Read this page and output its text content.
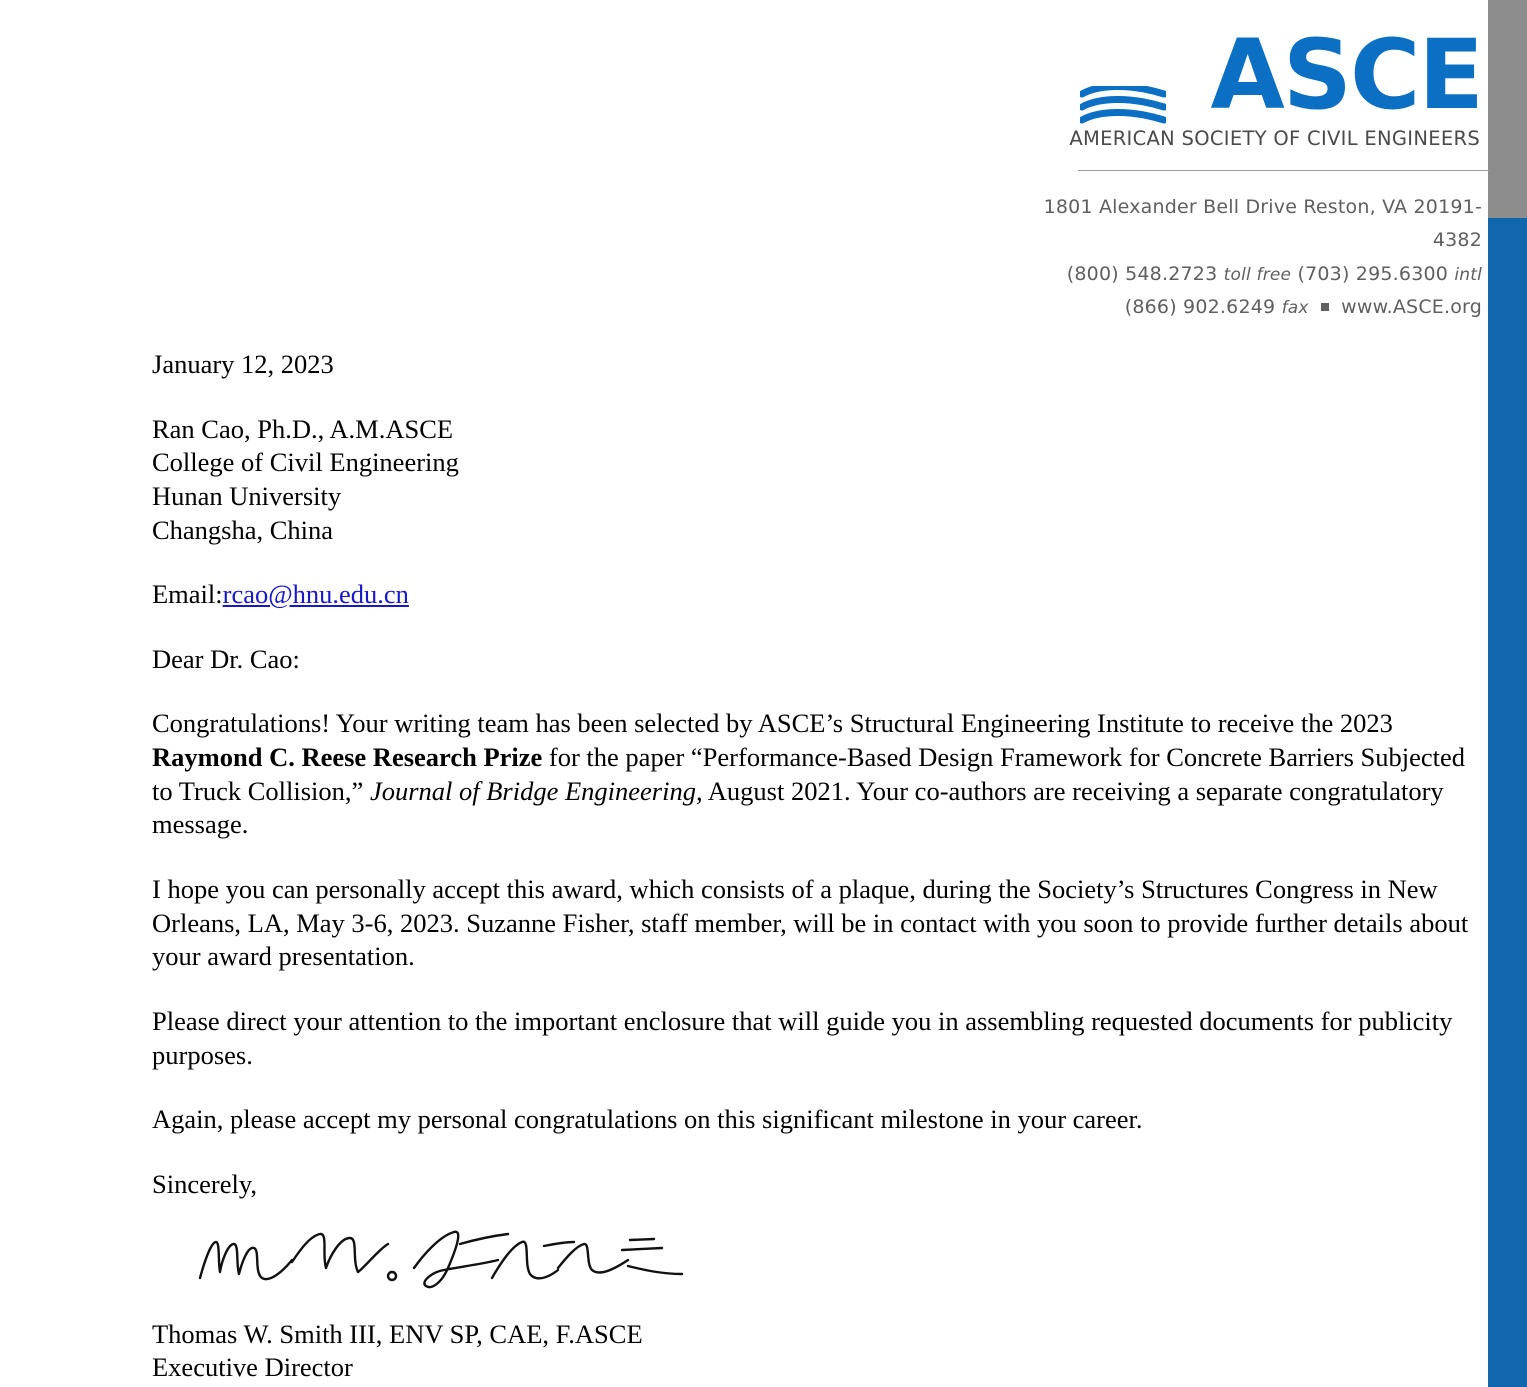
ASCE
AMERICAN SOCIETY OF CIVIL ENGINEERS
1801 Alexander Bell Drive Reston, VA 20191-4382
(800) 548.2723 toll free (703) 295.6300 intl
(866) 902.6249 fax www.ASCE.org
January 12, 2023
Ran Cao, Ph.D., A.M.ASCE
College of Civil Engineering
Hunan University
Changsha, China
Email:rcao@hnu.edu.cn
Dear Dr. Cao:
Congratulations! Your writing team has been selected by ASCE’s Structural Engineering Institute to receive the 2023 Raymond C. Reese Research Prize for the paper “Performance-Based Design Framework for Concrete Barriers Subjected to Truck Collision,” Journal of Bridge Engineering, August 2021. Your co-authors are receiving a separate congratulatory message.
I hope you can personally accept this award, which consists of a plaque, during the Society’s Structures Congress in New Orleans, LA, May 3-6, 2023. Suzanne Fisher, staff member, will be in contact with you soon to provide further details about your award presentation.
Please direct your attention to the important enclosure that will guide you in assembling requested documents for publicity purposes.
Again, please accept my personal congratulations on this significant milestone in your career.
Sincerely,
Thomas W. Smith III, ENV SP, CAE, F.ASCE
Executive Director
